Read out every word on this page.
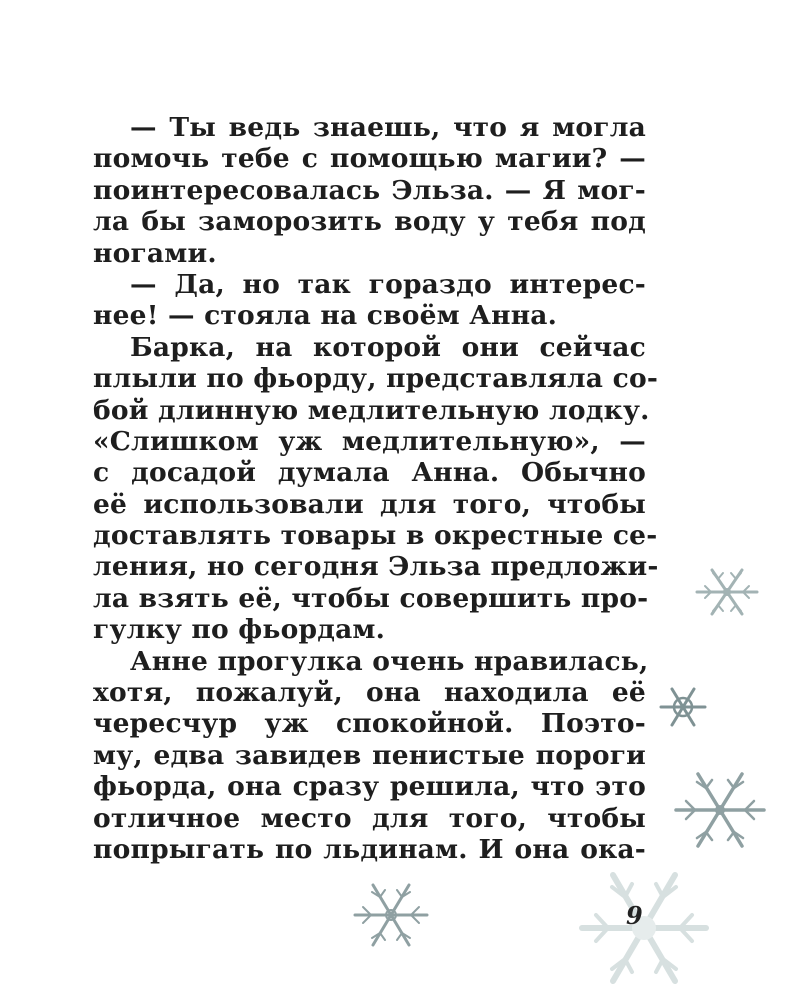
— Ты ведь знаешь, что я могла
помочь тебе с помощью магии? —
поинтересовалась Эльза. — Я мог-
ла бы заморозить воду у тебя под
ногами.
— Да, но так гораздо интерес-
нее! — стояла на своём Анна.
Барка, на которой они сейчас
плыли по фьорду, представляла со-
бой длинную медлительную лодку.
«Слишком уж медлительную», —
с досадой думала Анна. Обычно
её использовали для того, чтобы
доставлять товары в окрестные се-
ления, но сегодня Эльза предложи-
ла взять её, чтобы совершить про-
гулку по фьордам.
Анне прогулка очень нравилась,
хотя, пожалуй, она находила её
чересчур уж спокойной. Поэто-
му, едва завидев пенистые пороги
фьорда, она сразу решила, что это
отличное место для того, чтобы
попрыгать по льдинам. И она ока-
9
